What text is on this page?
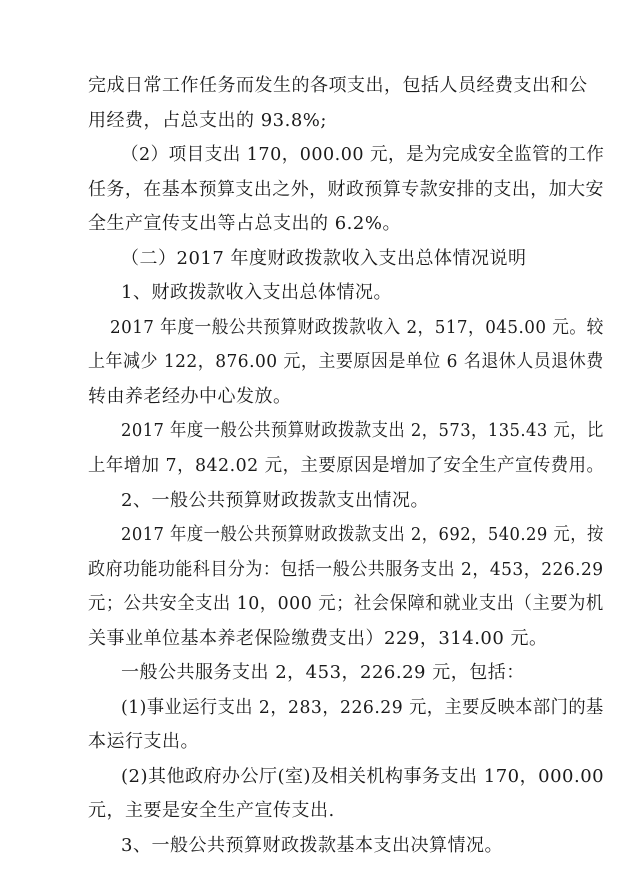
完成日常工作任务而发生的各项支出，包括人员经费支出和公
用经费，占总支出的 93.8%;
（2）项目支出 170，000.00 元，是为完成安全监管的工作
任务，在基本预算支出之外，财政预算专款安排的支出，加大安
全生产宣传支出等占总支出的 6.2%。
（二）2017 年度财政拨款收入支出总体情况说明
1、财政拨款收入支出总体情况。
2017 年度一般公共预算财政拨款收入 2，517，045.00 元。较
上年减少 122，876.00 元，主要原因是单位 6 名退休人员退休费
转由养老经办中心发放。
2017 年度一般公共预算财政拨款支出 2，573，135.43 元，比
上年增加 7，842.02 元，主要原因是增加了安全生产宣传费用。
2、一般公共预算财政拨款支出情况。
2017 年度一般公共预算财政拨款支出 2，692，540.29 元，按
政府功能功能科目分为：包括一般公共服务支出 2，453，226.29
元；公共安全支出 10，000 元；社会保障和就业支出（主要为机
关事业单位基本养老保险缴费支出）229，314.00 元。
一般公共服务支出 2，453，226.29 元，包括：
(1)事业运行支出 2，283，226.29 元，主要反映本部门的基
本运行支出。
(2)其他政府办公厅(室)及相关机构事务支出 170，000.00
元，主要是安全生产宣传支出.
3、一般公共预算财政拨款基本支出决算情况。
